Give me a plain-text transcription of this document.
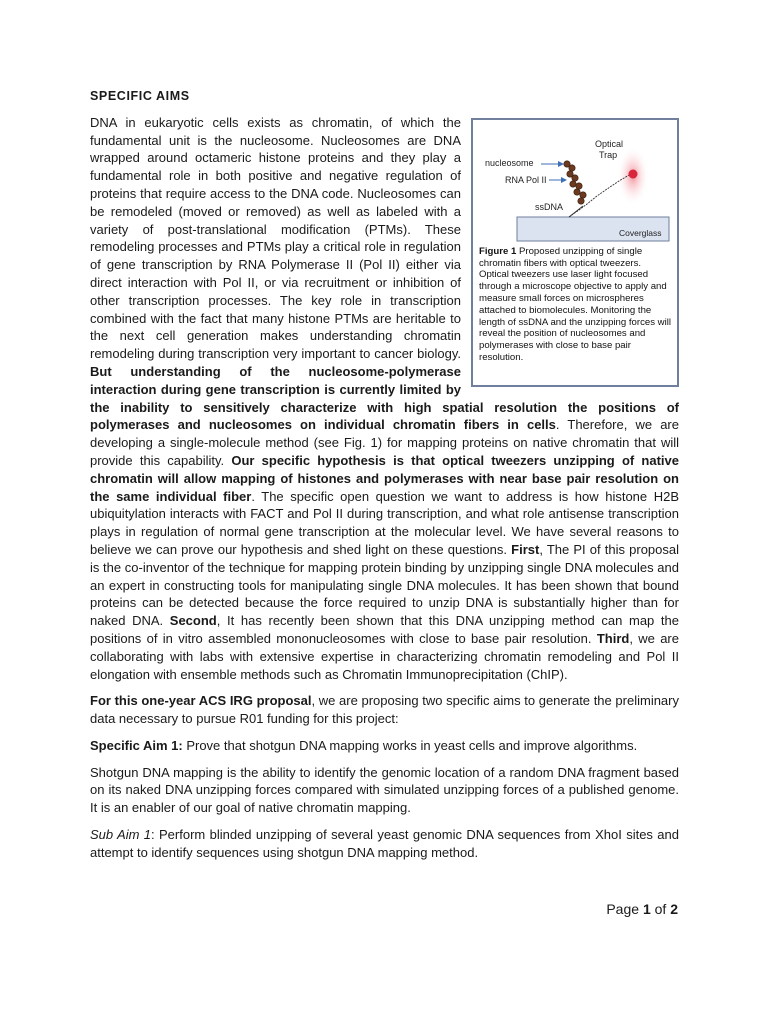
SPECIFIC AIMS
Optical
Trap
nucleosome
RNA Pol II
ssDNA
Coverglass
Figure 1 Proposed unzipping of single chromatin fibers with optical tweezers. Optical tweezers use laser light focused through a microscope objective to apply and measure small forces on microspheres attached to biomolecules. Monitoring the length of ssDNA and the unzipping forces will reveal the position of nucleosomes and polymerases with close to base pair resolution.

DNA in eukaryotic cells exists as chromatin, of which the fundamental unit is the nucleosome. Nucleosomes are DNA wrapped around octameric histone proteins and they play a fundamental role in both positive and negative regulation of proteins that require access to the DNA code. Nucleosomes can be remodeled (moved or removed) as well as labeled with a variety of post-translational modification (PTMs). These remodeling processes and PTMs play a critical role in regulation of gene transcription by RNA Polymerase II (Pol II) either via direct interaction with Pol II, or via recruitment or inhibition of other transcription processes. The key role in transcription combined with the fact that many histone PTMs are heritable to the next cell generation makes understanding chromatin remodeling during transcription very important to cancer biology. But understanding of the nucleosome-polymerase interaction during gene transcription is currently limited by the inability to sensitively characterize with high spatial resolution the positions of polymerases and nucleosomes on individual chromatin fibers in cells. Therefore, we are developing a single-molecule method (see Fig. 1) for mapping proteins on native chromatin that will provide this capability. Our specific hypothesis is that optical tweezers unzipping of native chromatin will allow mapping of histones and polymerases with near base pair resolution on the same individual fiber. The specific open question we want to address is how histone H2B ubiquitylation interacts with FACT and Pol II during transcription, and what role antisense transcription plays in regulation of normal gene transcription at the molecular level. We have several reasons to believe we can prove our hypothesis and shed light on these questions. First, The PI of this proposal is the co-inventor of the technique for mapping protein binding by unzipping single DNA molecules and an expert in constructing tools for manipulating single DNA molecules. It has been shown that bound proteins can be detected because the force required to unzip DNA is substantially higher than for naked DNA. Second, It has recently been shown that this DNA unzipping method can map the positions of in vitro assembled mononucleosomes with close to base pair resolution. Third, we are collaborating with labs with extensive expertise in characterizing chromatin remodeling and Pol II elongation with ensemble methods such as Chromatin Immunoprecipitation (ChIP).

For this one-year ACS IRG proposal, we are proposing two specific aims to generate the preliminary data necessary to pursue R01 funding for this project:

Specific Aim 1: Prove that shotgun DNA mapping works in yeast cells and improve algorithms.

Shotgun DNA mapping is the ability to identify the genomic location of a random DNA fragment based on its naked DNA unzipping forces compared with simulated unzipping forces of a published genome. It is an enabler of our goal of native chromatin mapping.

Sub Aim 1: Perform blinded unzipping of several yeast genomic DNA sequences from XhoI sites and attempt to identify sequences using shotgun DNA mapping method.

Page 1 of 2
